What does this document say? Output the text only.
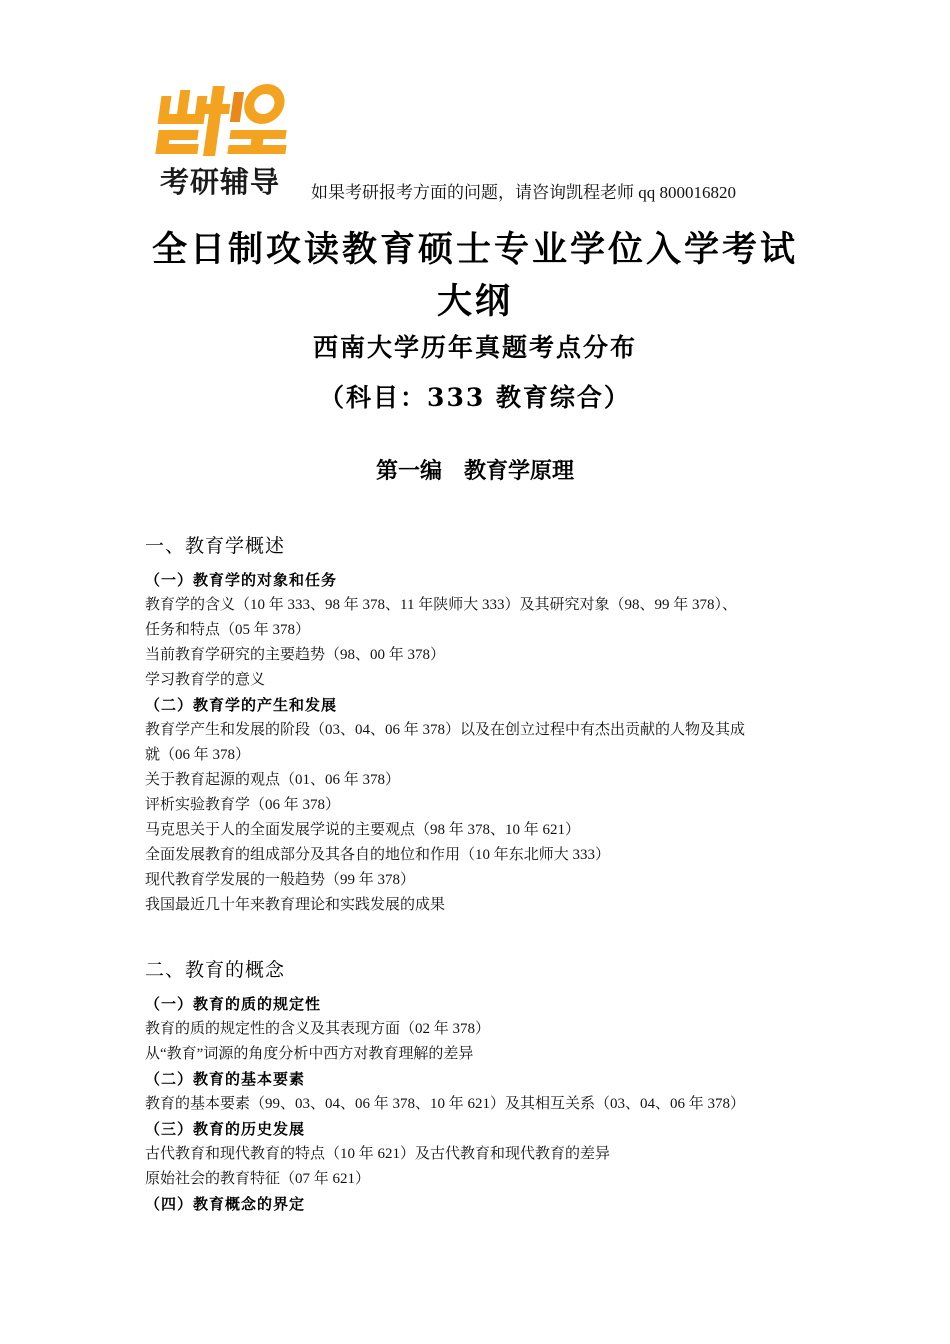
考研辅导	如果考研报考方面的问题，请咨询凯程老师 qq 800016820
全日制攻读教育硕士专业学位入学考试
大纲
西南大学历年真题考点分布
（科目：333 教育综合）
第一编　教育学原理
一、教育学概述
（一）教育学的对象和任务
教育学的含义（10 年 333、98 年 378、11 年陕师大 333）及其研究对象（98、99 年 378）、
任务和特点（05 年 378）
当前教育学研究的主要趋势（98、00 年 378）
学习教育学的意义
（二）教育学的产生和发展
教育学产生和发展的阶段（03、04、06 年 378）以及在创立过程中有杰出贡献的人物及其成
就（06 年 378）
关于教育起源的观点（01、06 年 378）
评析实验教育学（06 年 378）
马克思关于人的全面发展学说的主要观点（98 年 378、10 年 621）
全面发展教育的组成部分及其各自的地位和作用（10 年东北师大 333）
现代教育学发展的一般趋势（99 年 378）
我国最近几十年来教育理论和实践发展的成果
二、教育的概念
（一）教育的质的规定性
教育的质的规定性的含义及其表现方面（02 年 378）
从“教育”词源的角度分析中西方对教育理解的差异
（二）教育的基本要素
教育的基本要素（99、03、04、06 年 378、10 年 621）及其相互关系（03、04、06 年 378）
（三）教育的历史发展
古代教育和现代教育的特点（10 年 621）及古代教育和现代教育的差异
原始社会的教育特征（07 年 621）
（四）教育概念的界定
